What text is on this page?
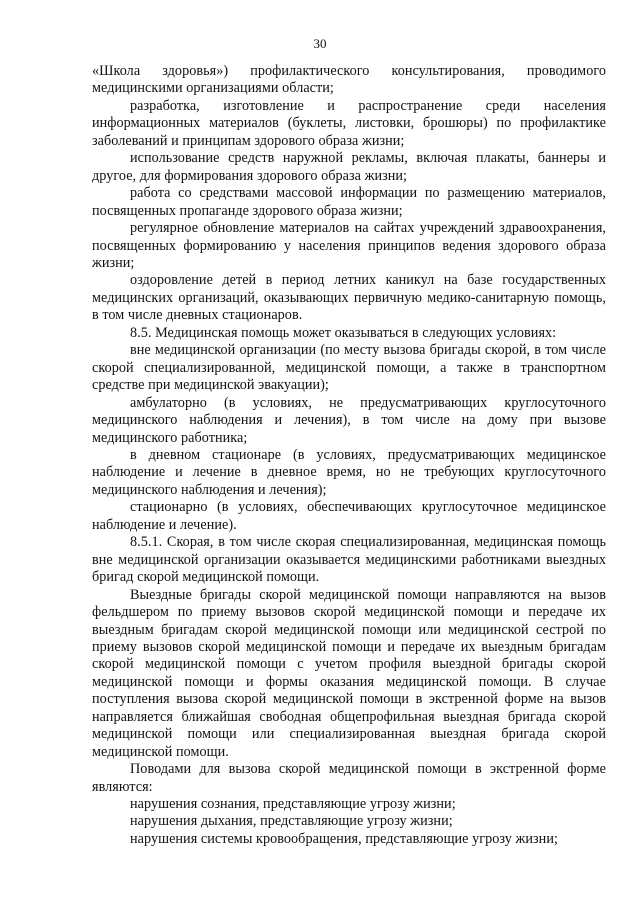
30

«Школа здоровья») профилактического консультирования, проводимого медицинскими организациями области;

разработка, изготовление и распространение среди населения информационных материалов (буклеты, листовки, брошюры) по профилактике заболеваний и принципам здорового образа жизни;

использование средств наружной рекламы, включая плакаты, баннеры и другое, для формирования здорового образа жизни;

работа со средствами массовой информации по размещению материалов, посвященных пропаганде здорового образа жизни;

регулярное обновление материалов на сайтах учреждений здравоохранения, посвященных формированию у населения принципов ведения здорового образа жизни;

оздоровление детей в период летних каникул на базе государственных медицинских организаций, оказывающих первичную медико-санитарную помощь, в том числе дневных стационаров.

8.5. Медицинская помощь может оказываться в следующих условиях:

вне медицинской организации (по месту вызова бригады скорой, в том числе скорой специализированной, медицинской помощи, а также в транспортном средстве при медицинской эвакуации);

амбулаторно (в условиях, не предусматривающих круглосуточного медицинского наблюдения и лечения), в том числе на дому при вызове медицинского работника;

в дневном стационаре (в условиях, предусматривающих медицинское наблюдение и лечение в дневное время, но не требующих круглосуточного медицинского наблюдения и лечения);

стационарно (в условиях, обеспечивающих круглосуточное медицинское наблюдение и лечение).

8.5.1. Скорая, в том числе скорая специализированная, медицинская помощь вне медицинской организации оказывается медицинскими работниками выездных бригад скорой медицинской помощи.

Выездные бригады скорой медицинской помощи направляются на вызов фельдшером по приему вызовов скорой медицинской помощи и передаче их выездным бригадам скорой медицинской помощи или медицинской сестрой по приему вызовов скорой медицинской помощи и передаче их выездным бригадам скорой медицинской помощи с учетом профиля выездной бригады скорой медицинской помощи и формы оказания медицинской помощи. В случае поступления вызова скорой медицинской помощи в экстренной форме на вызов направляется ближайшая свободная общепрофильная выездная бригада скорой медицинской помощи или специализированная выездная бригада скорой медицинской помощи.

Поводами для вызова скорой медицинской помощи в экстренной форме являются:

нарушения сознания, представляющие угрозу жизни;

нарушения дыхания, представляющие угрозу жизни;

нарушения системы кровообращения, представляющие угрозу жизни;
